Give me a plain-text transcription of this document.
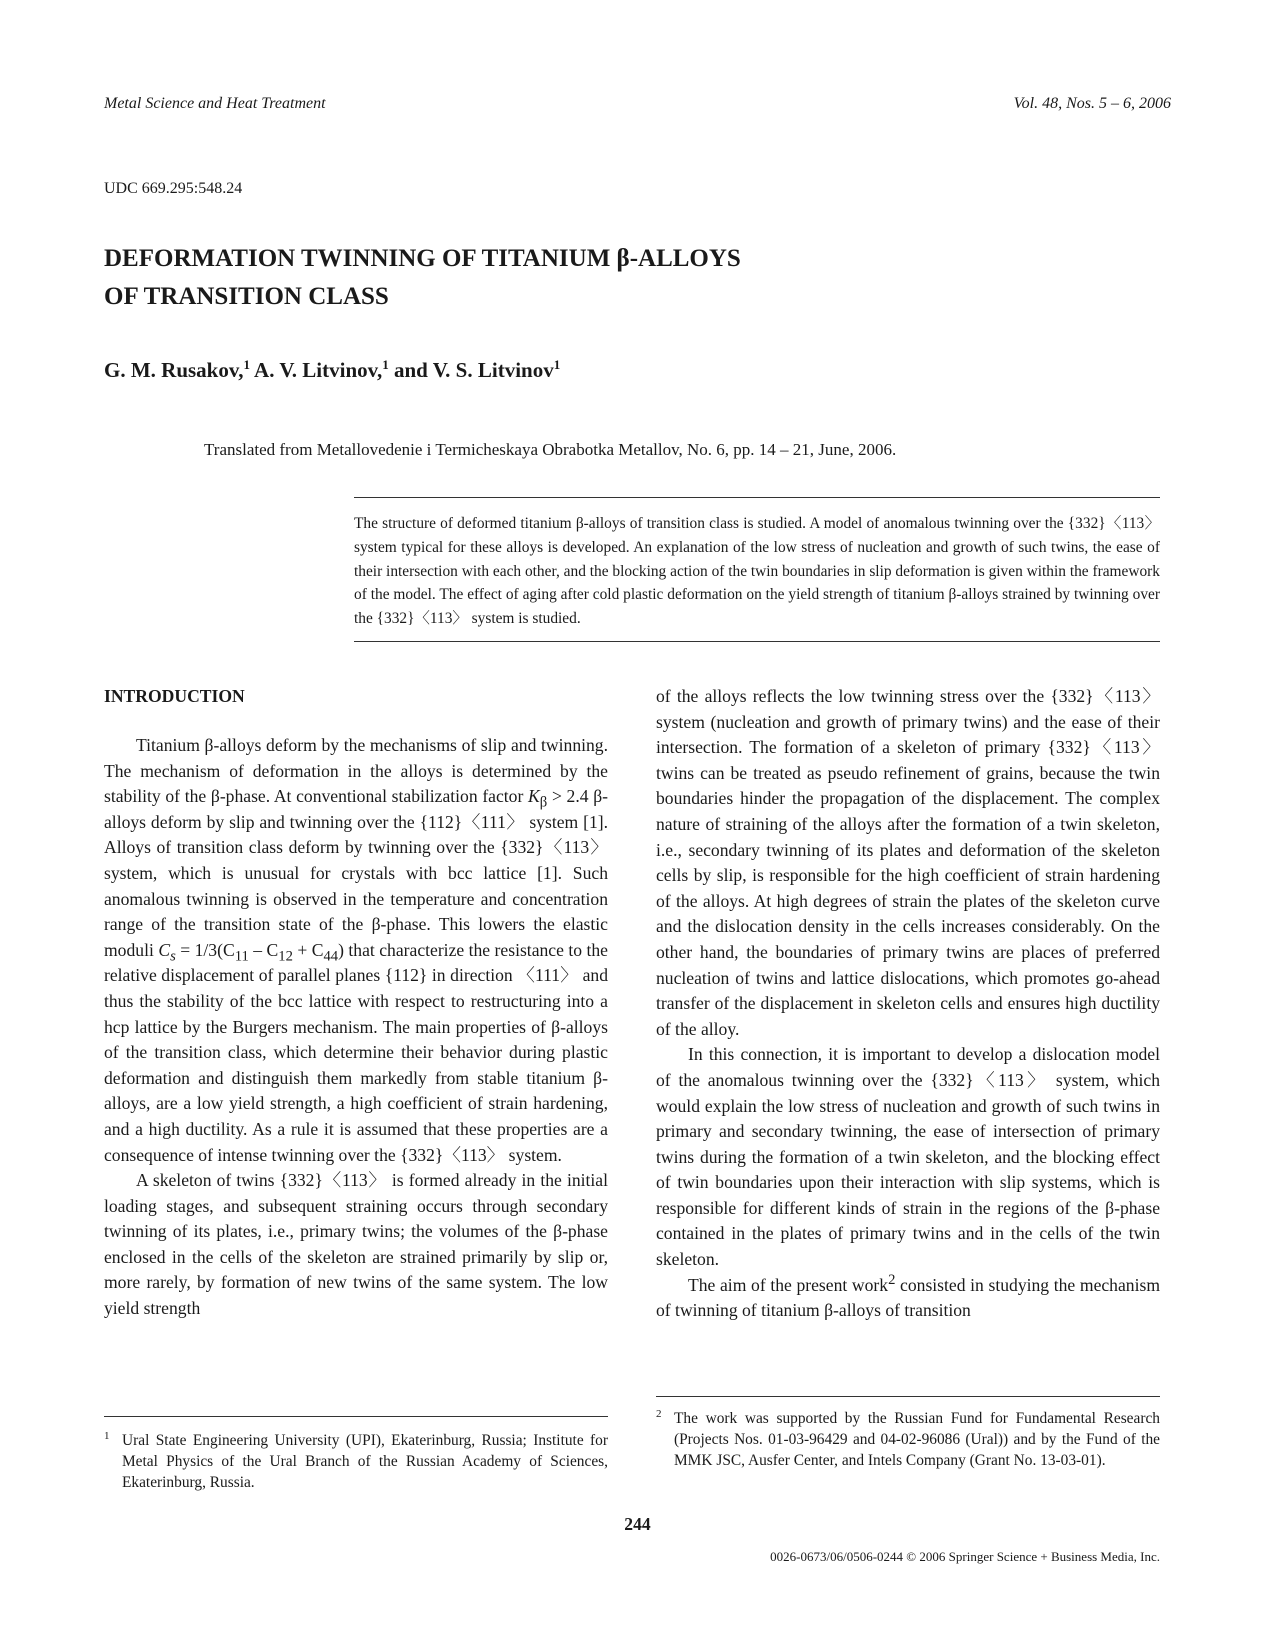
Metal Science and Heat Treatment	Vol. 48, Nos. 5 – 6, 2006
UDC 669.295:548.24
DEFORMATION TWINNING OF TITANIUM β-ALLOYS
OF TRANSITION CLASS
G. M. Rusakov,$^1$ A. V. Litvinov,$^1$ and V. S. Litvinov$^1$
Translated from Metallovedenie i Termicheskaya Obrabotka Metallov, No. 6, pp. 14 – 21, June, 2006.

The structure of deformed titanium β-alloys of transition class is studied. A model of anomalous twinning over the {332}〈113〉 system typical for these alloys is developed. An explanation of the low stress of nucleation and growth of such twins, the ease of their intersection with each other, and the blocking action of the twin boundaries in slip deformation is given within the framework of the model. The effect of aging after cold plastic deformation on the yield strength of titanium β-alloys strained by twinning over the {332}〈113〉 system is studied.

INTRODUCTION

Titanium β-alloys deform by the mechanisms of slip and twinning. The mechanism of deformation in the alloys is determined by the stability of the β-phase. At conventional stabilization factor $K_\beta > 2.4$ β-alloys deform by slip and twinning over the {112}〈111〉 system [1]. Alloys of transition class deform by twinning over the {332}〈113〉 system, which is unusual for crystals with bcc lattice [1]. Such anomalous twinning is observed in the temperature and concentration range of the transition state of the β-phase. This lowers the elastic moduli $C_s = 1/3(C_{11} - C_{12} + C_{44})$ that characterize the resistance to the relative displacement of parallel planes {112} in direction 〈111〉 and thus the stability of the bcc lattice with respect to restructuring into a hcp lattice by the Burgers mechanism. The main properties of β-alloys of the transition class, which determine their behavior during plastic deformation and distinguish them markedly from stable titanium β-alloys, are a low yield strength, a high coefficient of strain hardening, and a high ductility. As a rule it is assumed that these properties are a consequence of intense twinning over the {332}〈113〉 system.

A skeleton of twins {332}〈113〉 is formed already in the initial loading stages, and subsequent straining occurs through secondary twinning of its plates, i.e., primary twins; the volumes of the β-phase enclosed in the cells of the skeleton are strained primarily by slip or, more rarely, by formation of new twins of the same system. The low yield strength

of the alloys reflects the low twinning stress over the {332}〈113〉 system (nucleation and growth of primary twins) and the ease of their intersection. The formation of a skeleton of primary {332}〈113〉 twins can be treated as pseudo refinement of grains, because the twin boundaries hinder the propagation of the displacement. The complex nature of straining of the alloys after the formation of a twin skeleton, i.e., secondary twinning of its plates and deformation of the skeleton cells by slip, is responsible for the high coefficient of strain hardening of the alloys. At high degrees of strain the plates of the skeleton curve and the dislocation density in the cells increases considerably. On the other hand, the boundaries of primary twins are places of preferred nucleation of twins and lattice dislocations, which promotes go-ahead transfer of the displacement in skeleton cells and ensures high ductility of the alloy.

In this connection, it is important to develop a dislocation model of the anomalous twinning over the {332}〈113〉 system, which would explain the low stress of nucleation and growth of such twins in primary and secondary twinning, the ease of intersection of primary twins during the formation of a twin skeleton, and the blocking effect of twin boundaries upon their interaction with slip systems, which is responsible for different kinds of strain in the regions of the β-phase contained in the plates of primary twins and in the cells of the twin skeleton.

The aim of the present work$^2$ consisted in studying the mechanism of twinning of titanium β-alloys of transition

1 Ural State Engineering University (UPI), Ekaterinburg, Russia; Institute for Metal Physics of the Ural Branch of the Russian Academy of Sciences, Ekaterinburg, Russia.
2 The work was supported by the Russian Fund for Fundamental Research (Projects Nos. 01-03-96429 and 04-02-96086 (Ural)) and by the Fund of the MMK JSC, Ausfer Center, and Intels Company (Grant No. 13-03-01).
244
0026-0673/06/0506-0244 © 2006 Springer Science + Business Media, Inc.
